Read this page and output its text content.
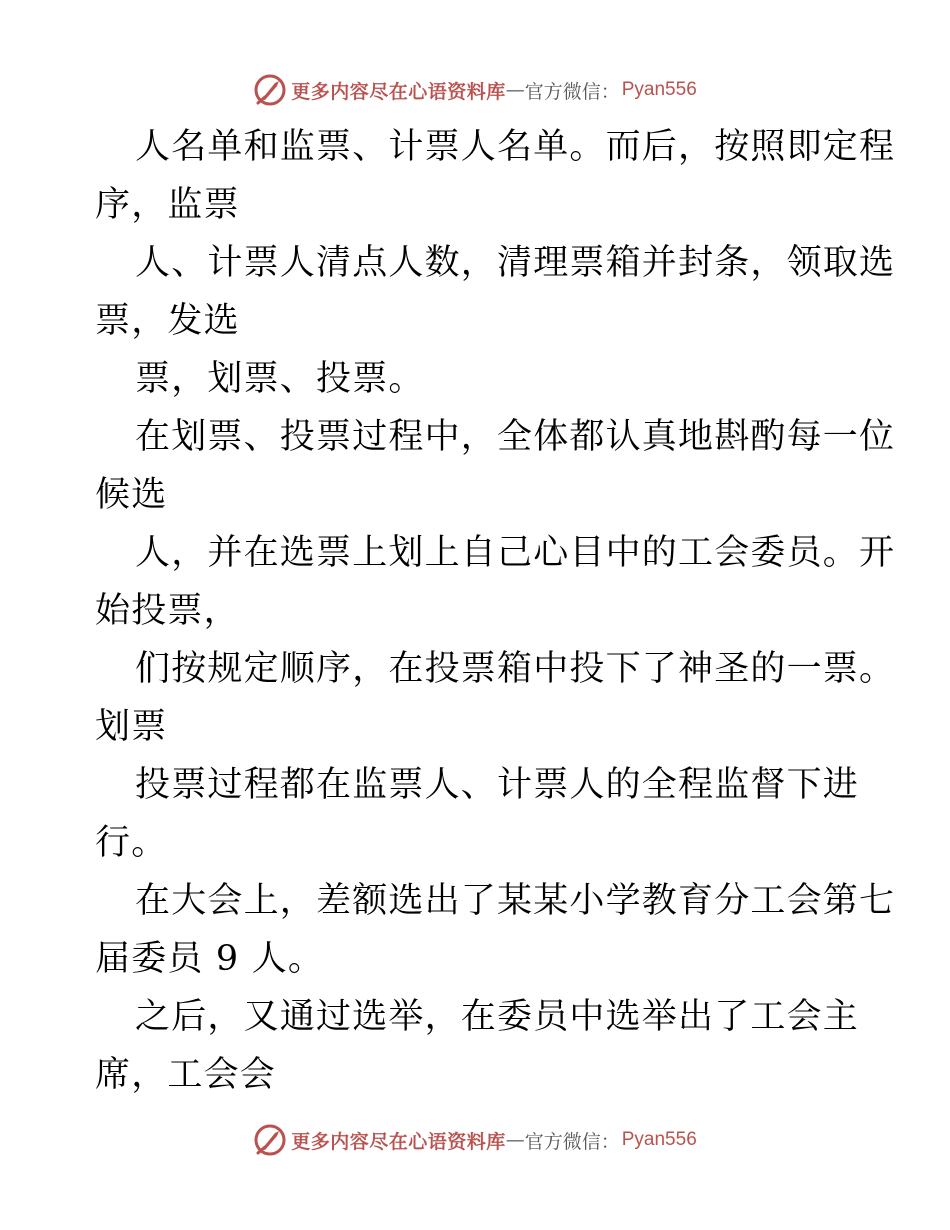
更多内容尽在心语资料库 — 官方微信： Pyan556
人名单和监票、计票人名单。而后，按照即定程
序，监票
人、计票人清点人数，清理票箱并封条，领取选
票，发选
票，划票、投票。
在划票、投票过程中，全体都认真地斟酌每一位
候选
人，并在选票上划上自己心目中的工会委员。开
始投票，
们按规定顺序，在投票箱中投下了神圣的一票。
划票
投票过程都在监票人、计票人的全程监督下进
行。
在大会上，差额选出了某某小学教育分工会第七
届委员 9 人。
之后，又通过选举，在委员中选举出了工会主
席，工会会
更多内容尽在心语资料库 — 官方微信： Pyan556
